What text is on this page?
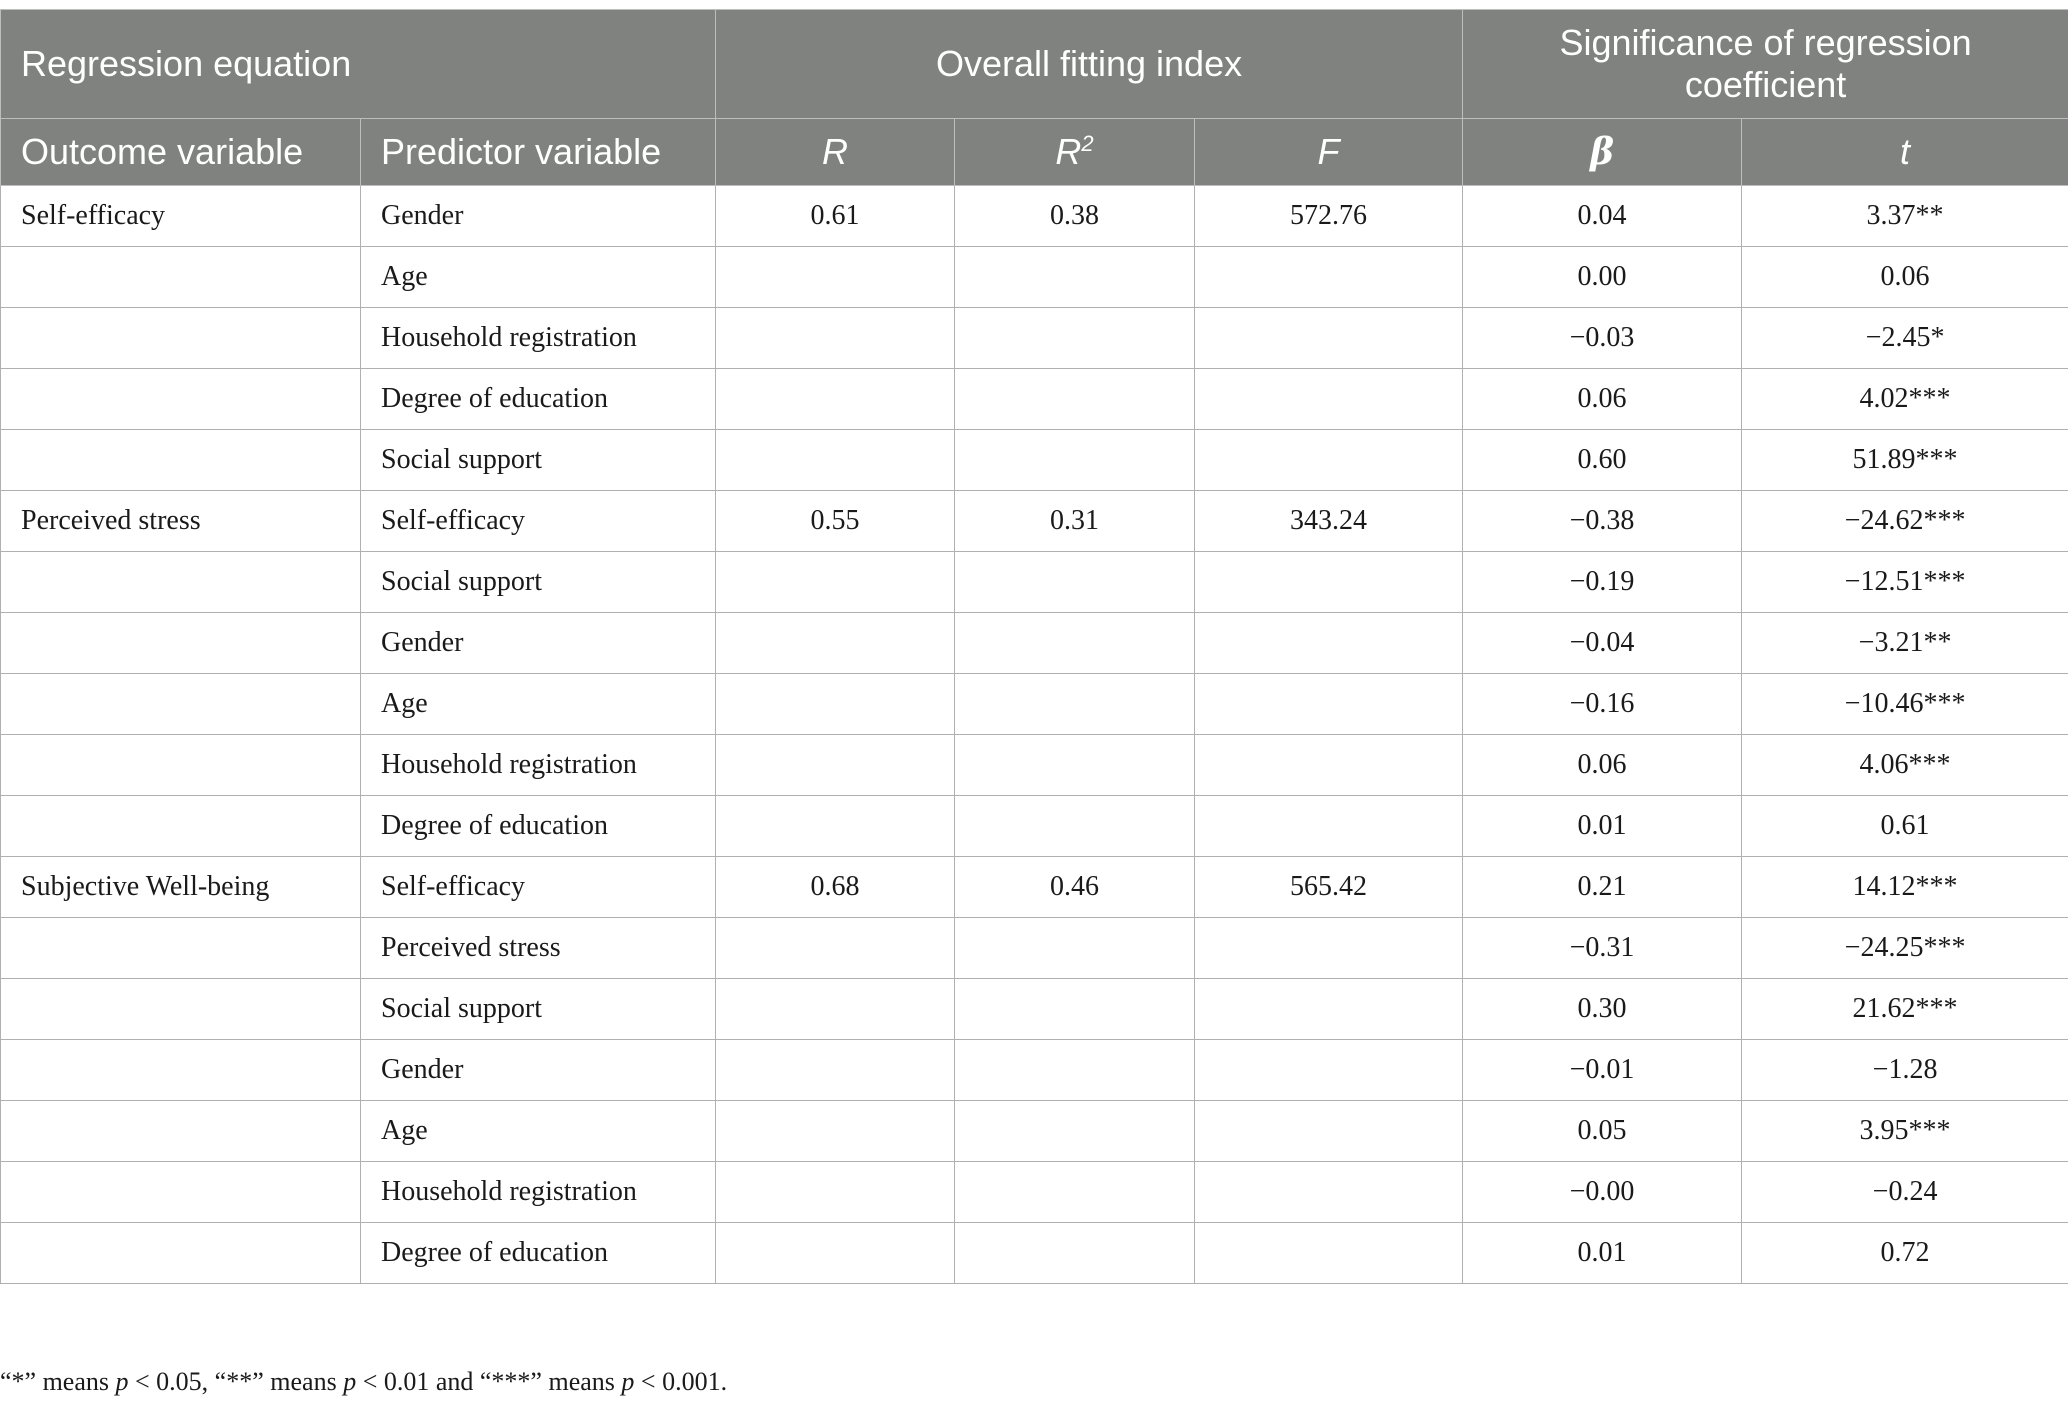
Regression equation		Overall fitting index			Significance of regression coefficient	
Outcome variable	Predictor variable	R	$R^2$	F	β	t
Self-efficacy	Gender	0.61	0.38	572.76	0.04	3.37**
	Age				0.00	0.06
	Household registration				−0.03	−2.45*
	Degree of education				0.06	4.02***
	Social support				0.60	51.89***
Perceived stress	Self-efficacy	0.55	0.31	343.24	−0.38	−24.62***
	Social support				−0.19	−12.51***
	Gender				−0.04	−3.21**
	Age				−0.16	−10.46***
	Household registration				0.06	4.06***
	Degree of education				0.01	0.61
Subjective Well-being	Self-efficacy	0.68	0.46	565.42	0.21	14.12***
	Perceived stress				−0.31	−24.25***
	Social support				0.30	21.62***
	Gender				−0.01	−1.28
	Age				0.05	3.95***
	Household registration				−0.00	−0.24
	Degree of education				0.01	0.72

“*” means p < 0.05, “**” means p < 0.01 and “***” means p < 0.001.
